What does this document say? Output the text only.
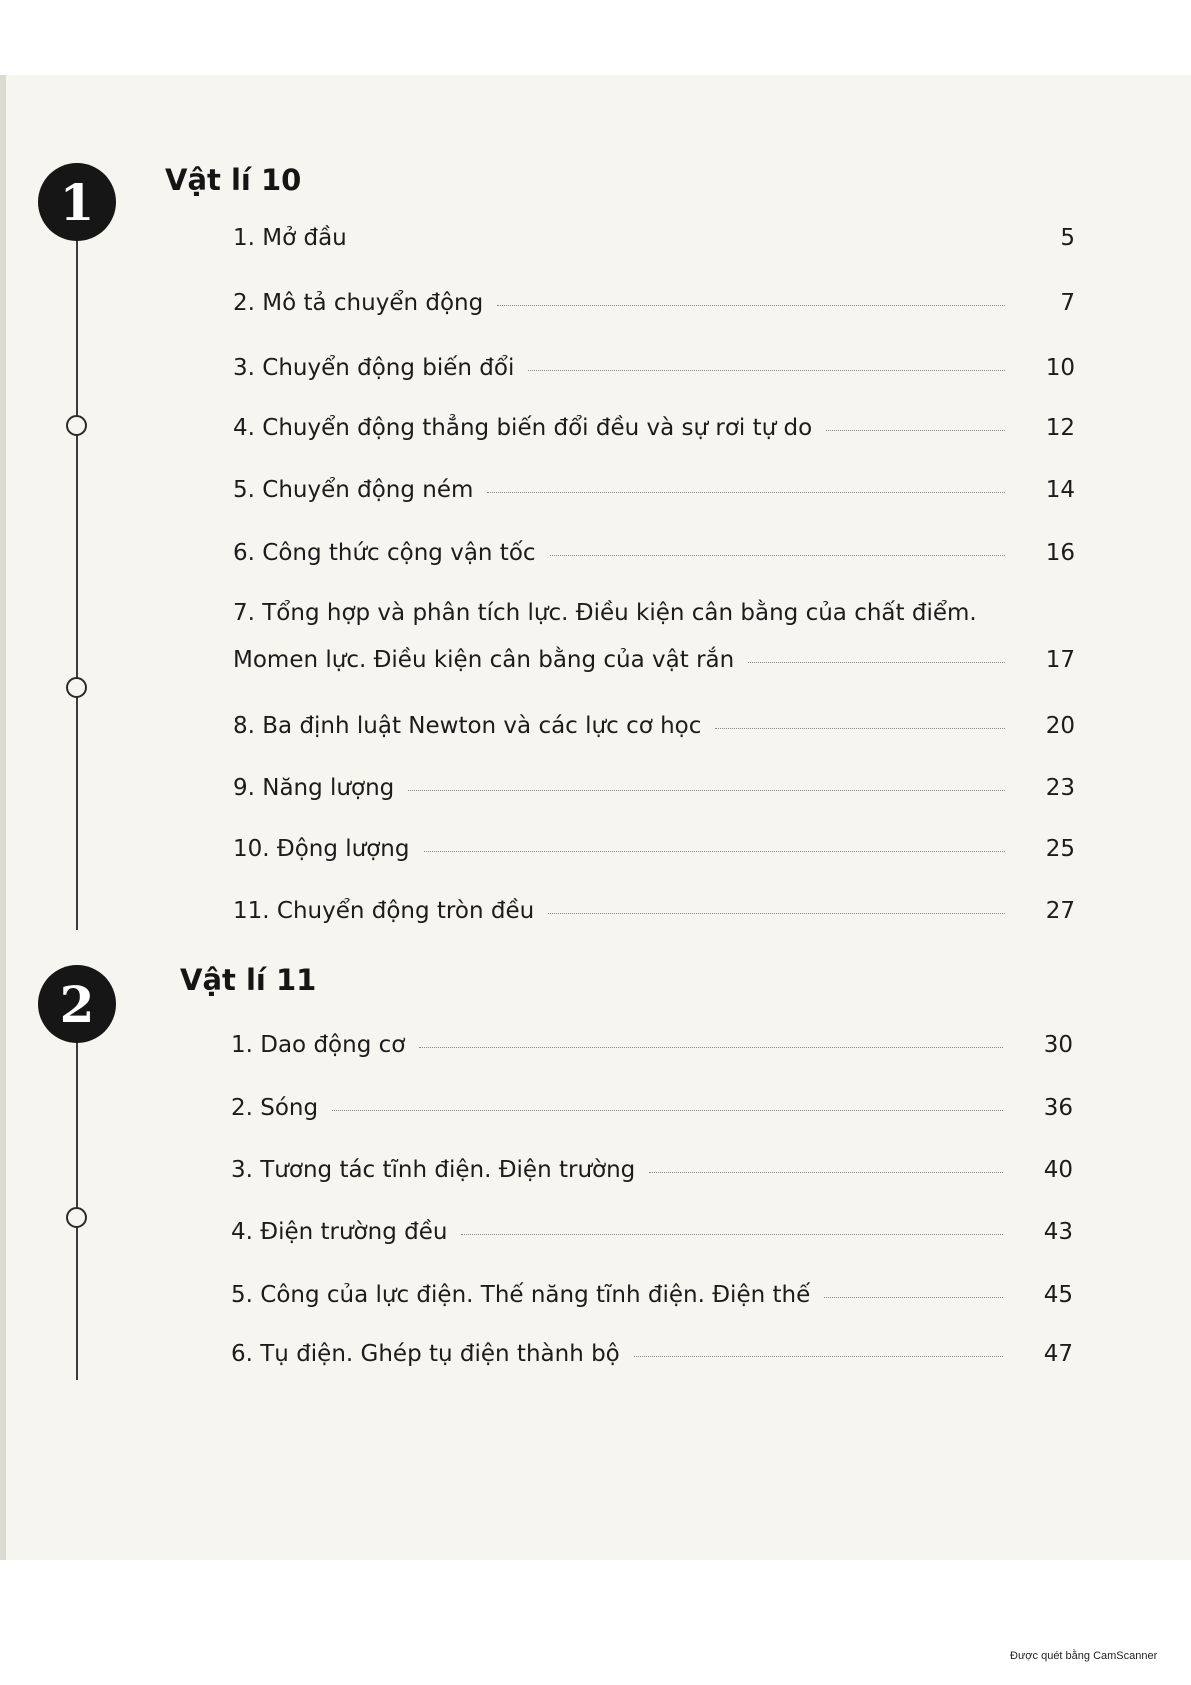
1
2
Vật lí 10
1. Mở đầu	5
2. Mô tả chuyển động	7
3. Chuyển động biến đổi	10
4. Chuyển động thẳng biến đổi đều và sự rơi tự do	12
5. Chuyển động ném	14
6. Công thức cộng vận tốc	16
7. Tổng hợp và phân tích lực. Điều kiện cân bằng của chất điểm.
Momen lực. Điều kiện cân bằng của vật rắn	17
8. Ba định luật Newton và các lực cơ học	20
9. Năng lượng	23
10. Động lượng	25
11. Chuyển động tròn đều	27
Vật lí 11
1. Dao động cơ	30
2. Sóng	36
3. Tương tác tĩnh điện. Điện trường	40
4. Điện trường đều	43
5. Công của lực điện. Thế năng tĩnh điện. Điện thế	45
6. Tụ điện. Ghép tụ điện thành bộ	47
Được quét bằng CamScanner
